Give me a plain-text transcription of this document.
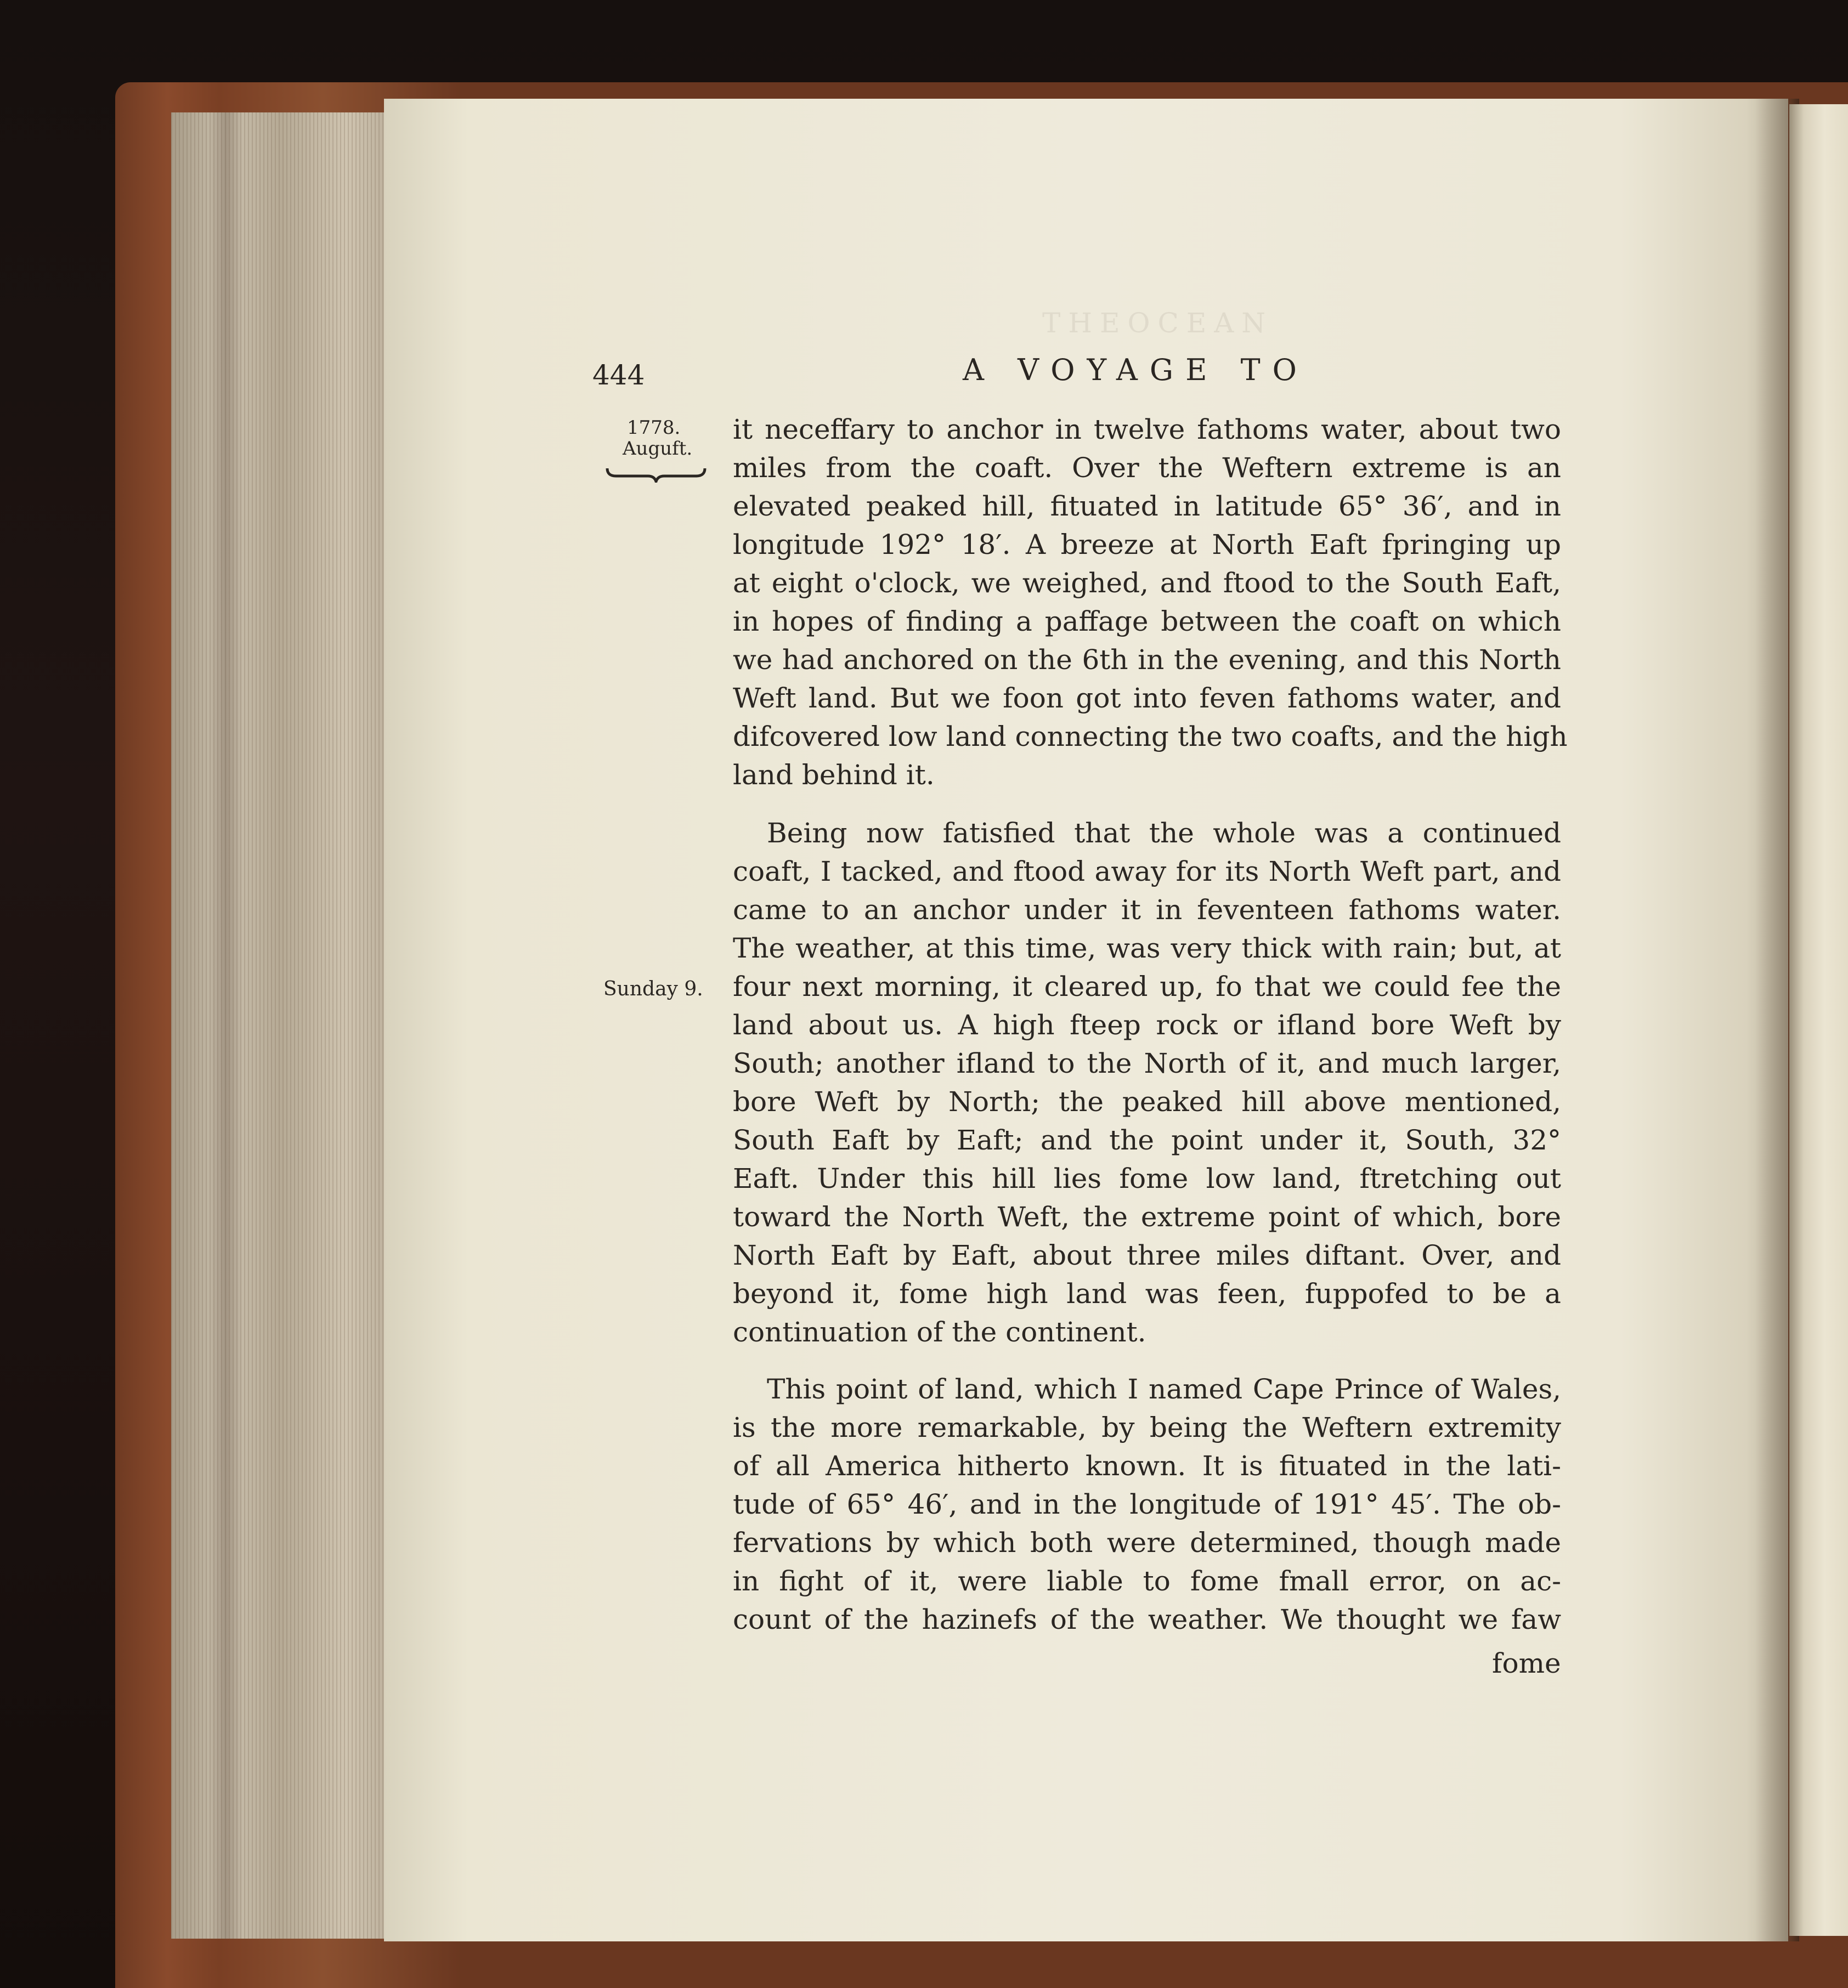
THEOCEAN
444	A VOYAGE TO
1778.
Auguft.
Sunday 9.
it neceffary to anchor in twelve fathoms water, about two
miles from the coaft. Over the Weftern extreme is an
elevated peaked hill, fituated in latitude 65° 36′, and in
longitude 192° 18′. A breeze at North Eaft fpringing up
at eight o'clock, we weighed, and ftood to the South Eaft,
in hopes of finding a paffage between the coaft on which
we had anchored on the 6th in the evening, and this North
Weft land. But we foon got into feven fathoms water, and
difcovered low land connecting the two coafts, and the high
land behind it.
Being now fatisfied that the whole was a continued
coaft, I tacked, and ftood away for its North Weft part, and
came to an anchor under it in feventeen fathoms water.
The weather, at this time, was very thick with rain; but, at
four next morning, it cleared up, fo that we could fee the
land about us. A high fteep rock or ifland bore Weft by
South; another ifland to the North of it, and much larger,
bore Weft by North; the peaked hill above mentioned,
South Eaft by Eaft; and the point under it, South, 32°
Eaft. Under this hill lies fome low land, ftretching out
toward the North Weft, the extreme point of which, bore
North Eaft by Eaft, about three miles diftant. Over, and
beyond it, fome high land was feen, fuppofed to be a
continuation of the continent.
This point of land, which I named Cape Prince of Wales,
is the more remarkable, by being the Weftern extremity
of all America hitherto known. It is fituated in the lati-
tude of 65° 46′, and in the longitude of 191° 45′. The ob-
fervations by which both were determined, though made
in fight of it, were liable to fome fmall error, on ac-
count of the hazinefs of the weather. We thought we faw
fome
